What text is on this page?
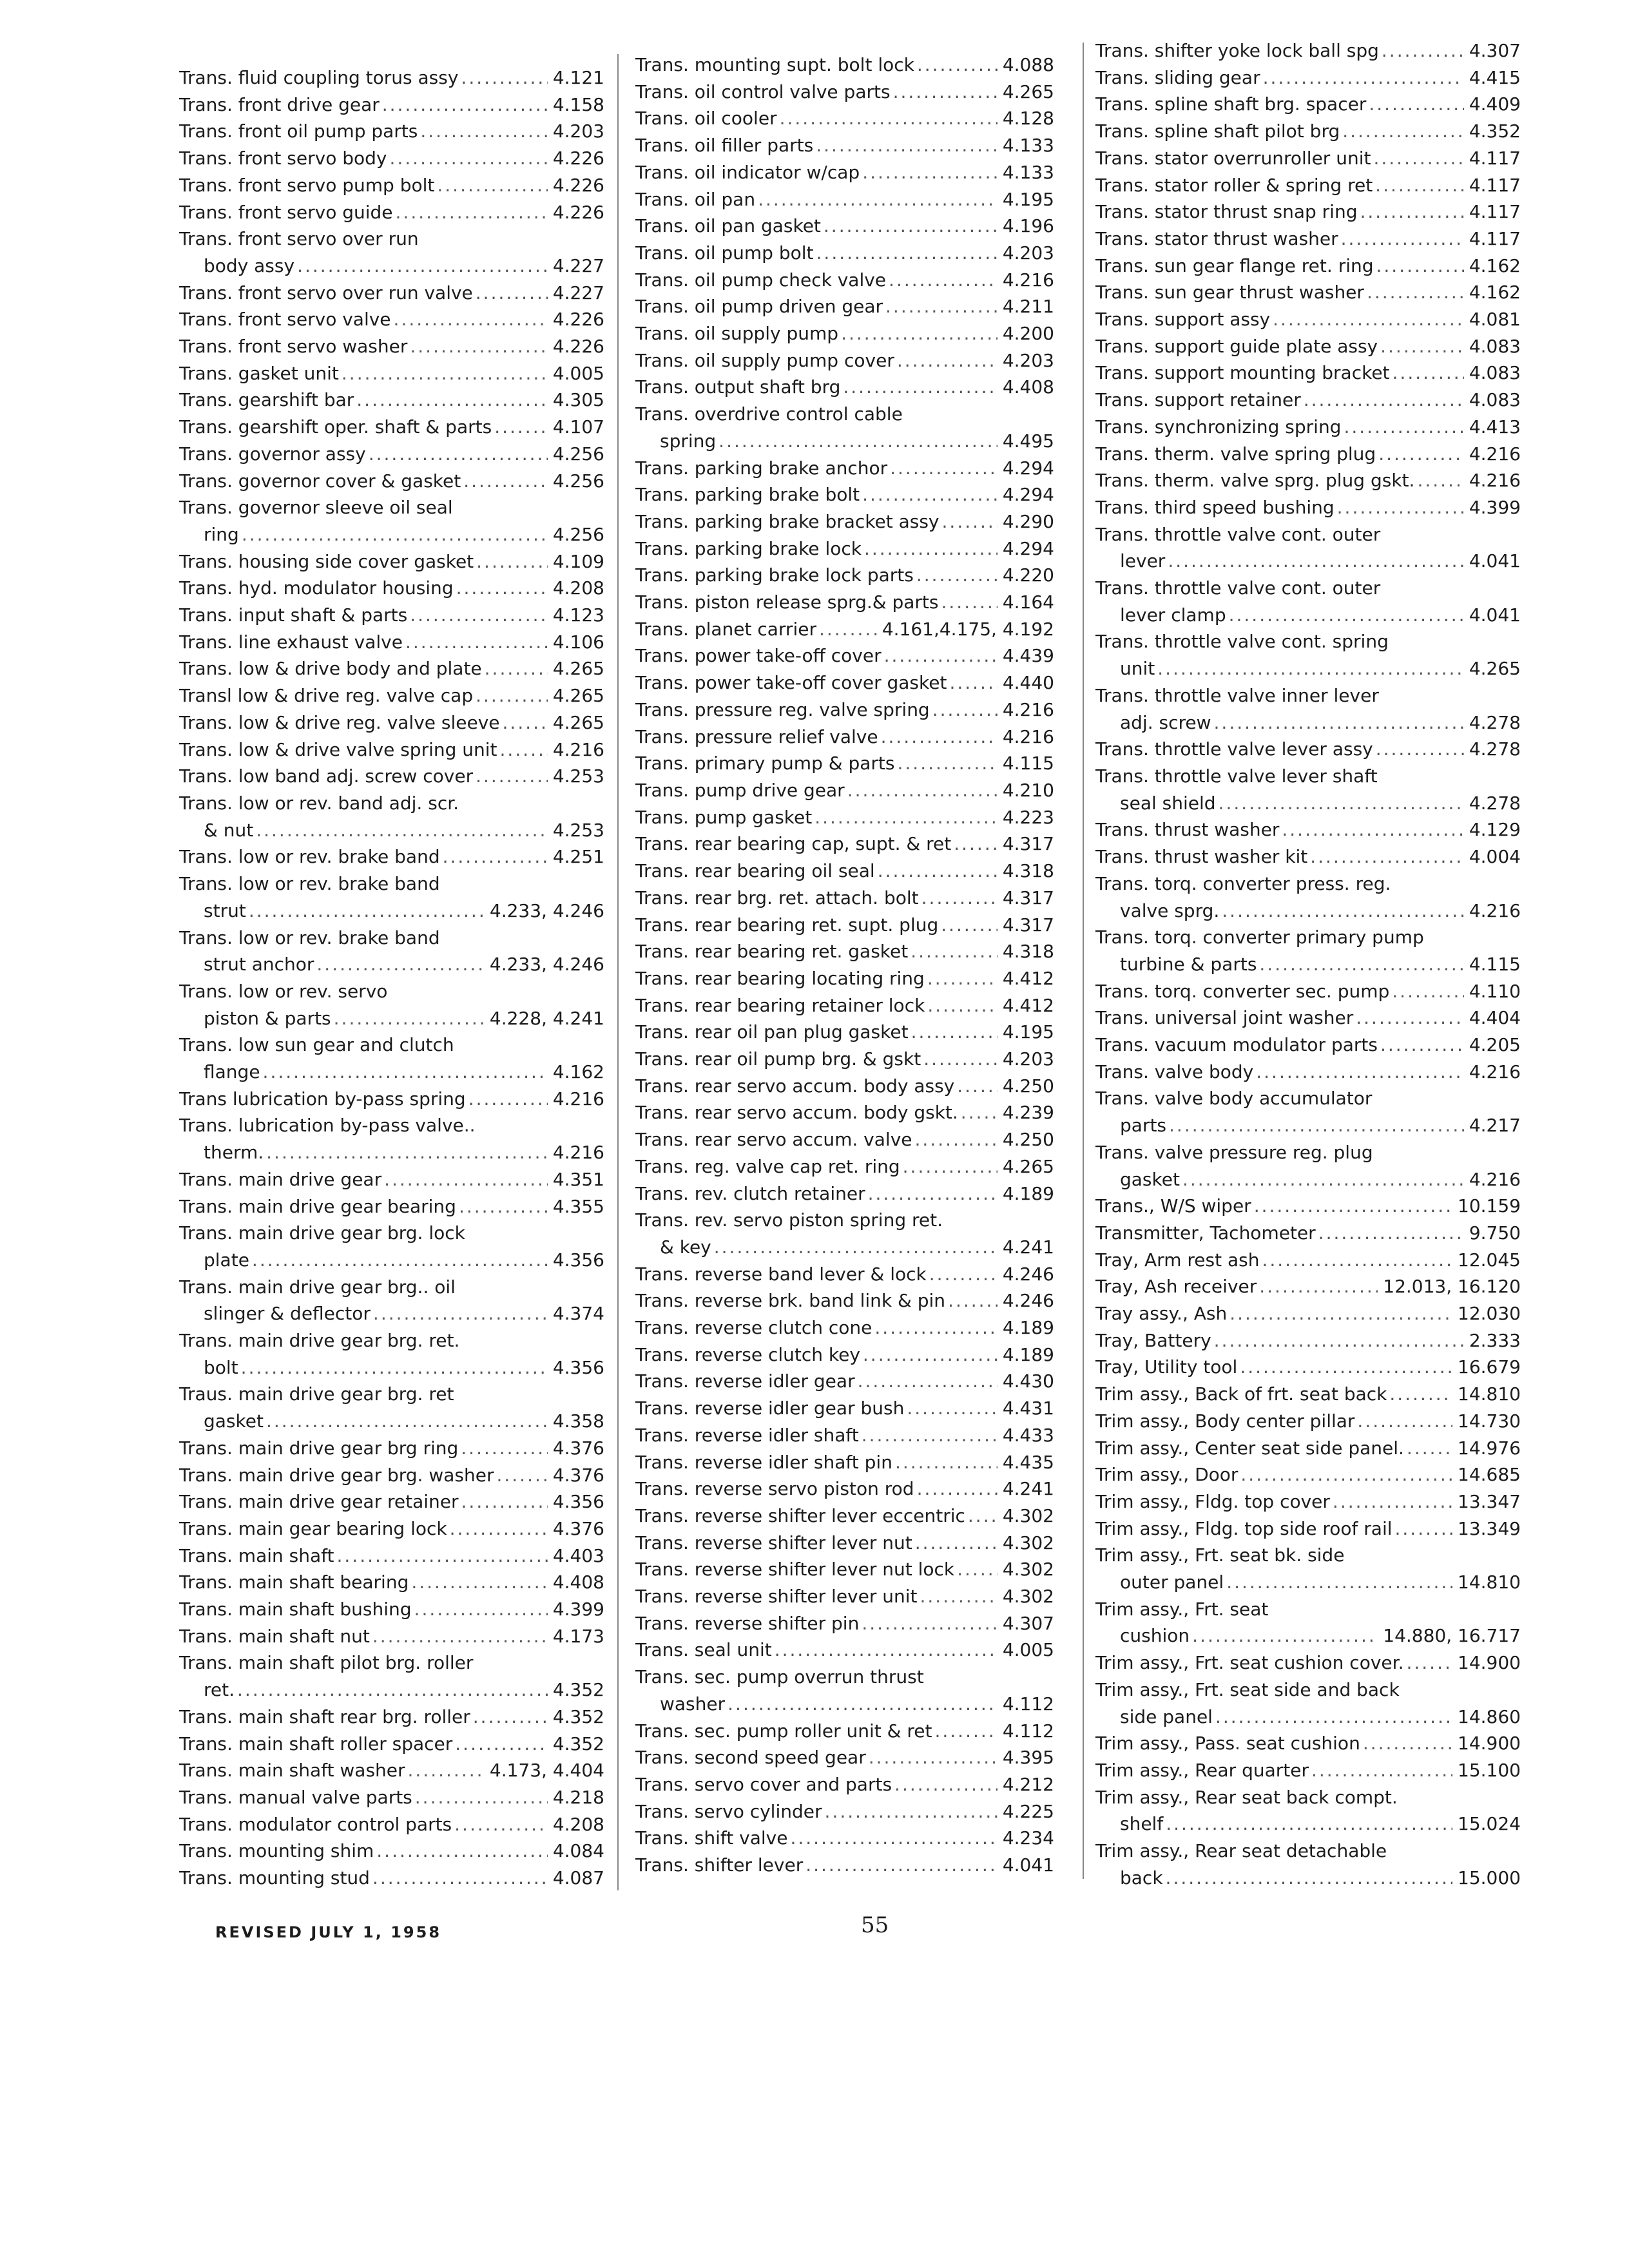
Trans. fluid coupling torus assy .....	4.121
Trans. front drive gear .....	4.158
Trans. front oil pump parts .....	4.203
Trans. front servo body .....	4.226
Trans. front servo pump bolt .....	4.226
Trans. front servo guide .....	4.226
Trans. front servo over run
body assy .....	4.227
Trans. front servo over run valve .....	4.227
Trans. front servo valve .....	4.226
Trans. front servo washer .....	4.226
Trans. gasket unit .....	4.005
Trans. gearshift bar .....	4.305
Trans. gearshift oper. shaft & parts .....	4.107
Trans. governor assy .....	4.256
Trans. governor cover & gasket .....	4.256
Trans. governor sleeve oil seal
ring .....	4.256
Trans. housing side cover gasket .....	4.109
Trans. hyd. modulator housing .....	4.208
Trans. input shaft & parts .....	4.123
Trans. line exhaust valve .....	4.106
Trans. low & drive body and plate .....	4.265
Transl low & drive reg. valve cap .....	4.265
Trans. low & drive reg. valve sleeve .....	4.265
Trans. low & drive valve spring unit .....	4.216
Trans. low band adj. screw cover .....	4.253
Trans. low or rev. band adj. scr.
& nut .....	4.253
Trans. low or rev. brake band .....	4.251
Trans. low or rev. brake band
strut .....	4.233, 4.246
Trans. low or rev. brake band
strut anchor .....	4.233, 4.246
Trans. low or rev. servo
piston & parts .....	4.228, 4.241
Trans. low sun gear and clutch
flange .....	4.162
Trans lubrication by-pass spring .....	4.216
Trans. lubrication by-pass valve..
therm. .....	4.216
Trans. main drive gear .....	4.351
Trans. main drive gear bearing .....	4.355
Trans. main drive gear brg. lock
plate .....	4.356
Trans. main drive gear brg.. oil
slinger & deflector .....	4.374
Trans. main drive gear brg. ret.
bolt .....	4.356
Traus. main drive gear brg. ret
gasket .....	4.358
Trans. main drive gear brg ring .....	4.376
Trans. main drive gear brg. washer .....	4.376
Trans. main drive gear retainer .....	4.356
Trans. main gear bearing lock .....	4.376
Trans. main shaft .....	4.403
Trans. main shaft bearing .....	4.408
Trans. main shaft bushing .....	4.399
Trans. main shaft nut .....	4.173
Trans. main shaft pilot brg. roller
ret. .....	4.352
Trans. main shaft rear brg. roller .....	4.352
Trans. main shaft roller spacer .....	4.352
Trans. main shaft washer .....	4.173, 4.404
Trans. manual valve parts .....	4.218
Trans. modulator control parts .....	4.208
Trans. mounting shim .....	4.084
Trans. mounting stud .....	4.087
Trans. mounting supt. bolt lock .....	4.088
Trans. oil control valve parts .....	4.265
Trans. oil cooler .....	4.128
Trans. oil filler parts .....	4.133
Trans. oil indicator w/cap .....	4.133
Trans. oil pan .....	4.195
Trans. oil pan gasket .....	4.196
Trans. oil pump bolt .....	4.203
Trans. oil pump check valve .....	4.216
Trans. oil pump driven gear .....	4.211
Trans. oil supply pump .....	4.200
Trans. oil supply pump cover .....	4.203
Trans. output shaft brg .....	4.408
Trans. overdrive control cable
spring .....	4.495
Trans. parking brake anchor .....	4.294
Trans. parking brake bolt .....	4.294
Trans. parking brake bracket assy .....	4.290
Trans. parking brake lock .....	4.294
Trans. parking brake lock parts .....	4.220
Trans. piston release sprg.& parts .....	4.164
Trans. planet carrier .....	4.161,4.175, 4.192
Trans. power take-off cover .....	4.439
Trans. power take-off cover gasket .....	4.440
Trans. pressure reg. valve spring .....	4.216
Trans. pressure relief valve .....	4.216
Trans. primary pump & parts .....	4.115
Trans. pump drive gear .....	4.210
Trans. pump gasket .....	4.223
Trans. rear bearing cap, supt. & ret .....	4.317
Trans. rear bearing oil seal .....	4.318
Trans. rear brg. ret. attach. bolt .....	4.317
Trans. rear bearing ret. supt. plug .....	4.317
Trans. rear bearing ret. gasket .....	4.318
Trans. rear bearing locating ring .....	4.412
Trans. rear bearing retainer lock .....	4.412
Trans. rear oil pan plug gasket .....	4.195
Trans. rear oil pump brg. & gskt .....	4.203
Trans. rear servo accum. body assy .....	4.250
Trans. rear servo accum. body gskt. ..... 4.239
Trans. rear servo accum. valve .....	4.250
Trans. reg. valve cap ret. ring .....	4.265
Trans. rev. clutch retainer .....	4.189
Trans. rev. servo piston spring ret.
& key .....	4.241
Trans. reverse band lever & lock .....	4.246
Trans. reverse brk. band link & pin .....	4.246
Trans. reverse clutch cone .....	4.189
Trans. reverse clutch key .....	4.189
Trans. reverse idler gear .....	4.430
Trans. reverse idler gear bush .....	4.431
Trans. reverse idler shaft .....	4.433
Trans. reverse idler shaft pin .....	4.435
Trans. reverse servo piston rod .....	4.241
Trans. reverse shifter lever eccentric ..... 4.302
Trans. reverse shifter lever nut .....	4.302
Trans. reverse shifter lever nut lock .....	4.302
Trans. reverse shifter lever unit .....	4.302
Trans. reverse shifter pin .....	4.307
Trans. seal unit .....	4.005
Trans. sec. pump overrun thrust
washer .....	4.112
Trans. sec. pump roller unit & ret .....	4.112
Trans. second speed gear .....	4.395
Trans. servo cover and parts .....	4.212
Trans. servo cylinder .....	4.225
Trans. shift valve .....	4.234
Trans. shifter lever .....	4.041
Trans. shifter yoke lock ball spg .....	4.307
Trans. sliding gear .....	4.415
Trans. spline shaft brg. spacer .....	4.409
Trans. spline shaft pilot brg .....	4.352
Trans. stator overrunroller unit .....	4.117
Trans. stator roller & spring ret .....	4.117
Trans. stator thrust snap ring .....	4.117
Trans. stator thrust washer .....	4.117
Trans. sun gear flange ret. ring .....	4.162
Trans. sun gear thrust washer .....	4.162
Trans. support assy .....	4.081
Trans. support guide plate assy .....	4.083
Trans. support mounting bracket .....	4.083
Trans. support retainer .....	4.083
Trans. synchronizing spring .....	4.413
Trans. therm. valve spring plug .....	4.216
Trans. therm. valve sprg. plug gskt. .....	4.216
Trans. third speed bushing .....	4.399
Trans. throttle valve cont. outer
lever .....	4.041
Trans. throttle valve cont. outer
lever clamp .....	4.041
Trans. throttle valve cont. spring
unit .....	4.265
Trans. throttle valve inner lever
adj. screw .....	4.278
Trans. throttle valve lever assy .....	4.278
Trans. throttle valve lever shaft
seal shield .....	4.278
Trans. thrust washer .....	4.129
Trans. thrust washer kit .....	4.004
Trans. torq. converter press. reg.
valve sprg. .....	4.216
Trans. torq. converter primary pump
turbine & parts .....	4.115
Trans. torq. converter sec. pump .....	4.110
Trans. universal joint washer .....	4.404
Trans. vacuum modulator parts .....	4.205
Trans. valve body .....	4.216
Trans. valve body accumulator
parts .....	4.217
Trans. valve pressure reg. plug
gasket .....	4.216
Trans., W/S wiper .....	10.159
Transmitter, Tachometer .....	9.750
Tray, Arm rest ash .....	12.045
Tray, Ash receiver .....	12.013, 16.120
Tray assy., Ash .....	12.030
Tray, Battery .....	2.333
Tray, Utility tool .....	16.679
Trim assy., Back of frt. seat back .....	14.810
Trim assy., Body center pillar .....	14.730
Trim assy., Center seat side panel. .....	14.976
Trim assy., Door .....	14.685
Trim assy., Fldg. top cover .....	13.347
Trim assy., Fldg. top side roof rail .....	13.349
Trim assy., Frt. seat bk. side
outer panel .....	14.810
Trim assy., Frt. seat
cushion .....	14.880, 16.717
Trim assy., Frt. seat cushion cover. .....	14.900
Trim assy., Frt. seat side and back
side panel .....	14.860
Trim assy., Pass. seat cushion .....	14.900
Trim assy., Rear quarter .....	15.100
Trim assy., Rear seat back compt.
shelf .....	15.024
Trim assy., Rear seat detachable
back .....	15.000
REVISED JULY 1, 1958	55
